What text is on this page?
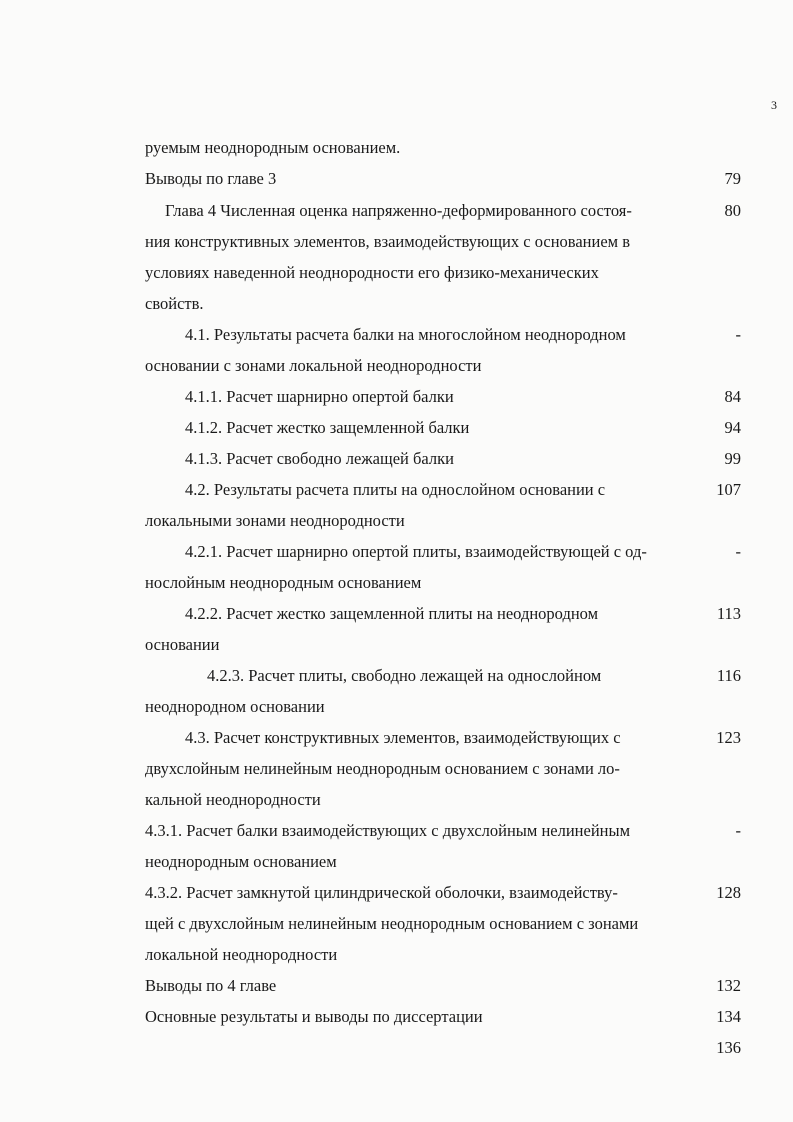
3
руемым неоднородным основанием.
Выводы по главе 3	79
Глава 4 Численная оценка напряженно-деформированного состоя-	80
ния конструктивных элементов, взаимодействующих с основанием в
условиях наведенной неоднородности его физико-механических
свойств.
4.1. Результаты расчета балки на многослойном неоднородном	-
основании с зонами локальной неоднородности
4.1.1. Расчет шарнирно опертой балки	84
4.1.2. Расчет жестко защемленной балки	94
4.1.3. Расчет свободно лежащей балки	99
4.2. Результаты расчета плиты на однослойном основании с	107
локальными зонами неоднородности
4.2.1. Расчет шарнирно опертой плиты, взаимодействующей с од-	-
нослойным неоднородным основанием
4.2.2. Расчет жестко защемленной плиты на неоднородном	113
основании
4.2.3. Расчет плиты, свободно лежащей на однослойном	116
неоднородном основании
4.3. Расчет конструктивных элементов, взаимодействующих с	123
двухслойным нелинейным неоднородным основанием с зонами ло-
кальной неоднородности
4.3.1. Расчет балки взаимодействующих с двухслойным нелинейным	-
неоднородным основанием
4.3.2. Расчет замкнутой цилиндрической оболочки, взаимодейству-	128
щей с двухслойным нелинейным неоднородным основанием с зонами
локальной неоднородности
Выводы по 4 главе	132
Основные результаты и выводы по диссертации	134
136
